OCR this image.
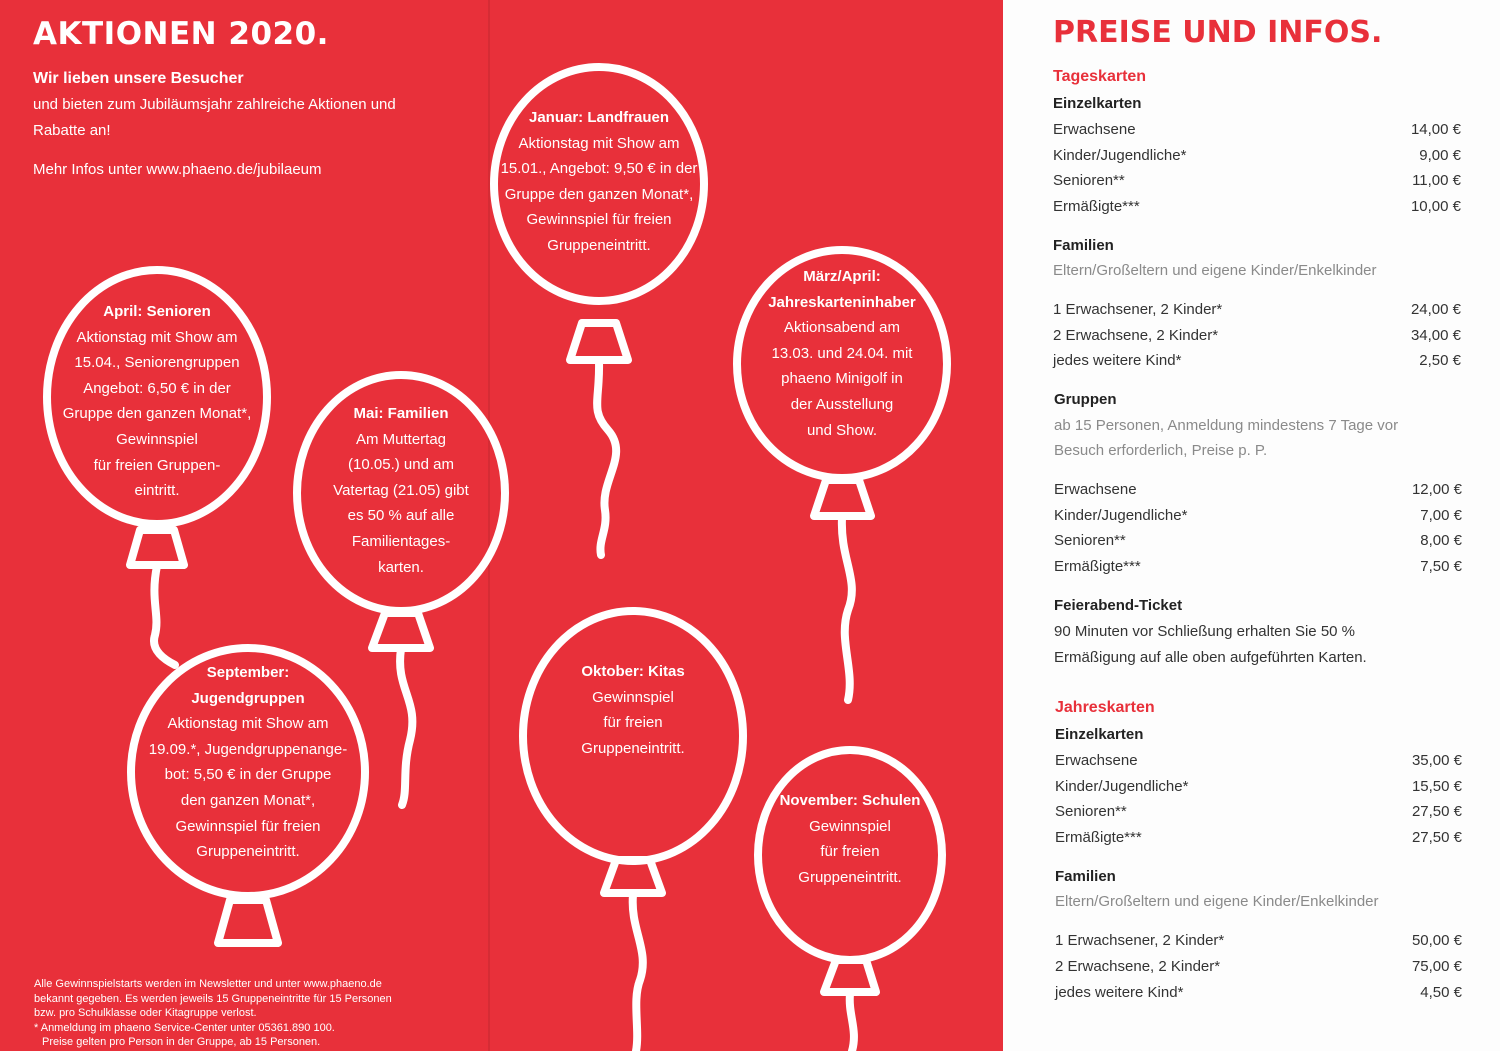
AKTIONEN 2020.
Wir lieben unsere Besucher
und bieten zum Jubiläumsjahr zahlreiche Aktionen und
Rabatte an!
Mehr Infos unter www.phaeno.de/jubilaeum
April: Senioren
Aktionstag mit Show am
15.04., Seniorengruppen
Angebot: 6,50 € in der
Gruppe den ganzen Monat*,
Gewinnspiel
für freien Gruppen-
eintritt.
Mai: Familien
Am Muttertag
(10.05.) und am
Vatertag (21.05) gibt
es 50 % auf alle
Familientages-
karten.
September:
Jugendgruppen
Aktionstag mit Show am
19.09.*, Jugendgruppenange-
bot: 5,50 € in der Gruppe
den ganzen Monat*,
Gewinnspiel für freien
Gruppeneintritt.
Januar: Landfrauen
Aktionstag mit Show am
15.01., Angebot: 9,50 € in der
Gruppe den ganzen Monat*,
Gewinnspiel für freien
Gruppeneintritt.
März/April:
Jahreskarteninhaber
Aktionsabend am
13.03. und 24.04. mit
phaeno Minigolf in
der Ausstellung
und Show.
Oktober: Kitas
Gewinnspiel
für freien
Gruppeneintritt.
November: Schulen
Gewinnspiel
für freien
Gruppeneintritt.
Alle Gewinnspielstarts werden im Newsletter und unter www.phaeno.de
bekannt gegeben. Es werden jeweils 15 Gruppeneintritte für 15 Personen
bzw. pro Schulklasse oder Kitagruppe verlost.
* Anmeldung im phaeno Service-Center unter 05361.890 100.
Preise gelten pro Person in der Gruppe, ab 15 Personen.
PREISE UND INFOS.
Tageskarten
Einzelkarten
Erwachsene	14,00 €
Kinder/Jugendliche*	9,00 €
Senioren**	11,00 €
Ermäßigte***	10,00 €
Familien
Eltern/Großeltern und eigene Kinder/Enkelkinder
1 Erwachsener, 2 Kinder*	24,00 €
2 Erwachsene, 2 Kinder*	34,00 €
jedes weitere Kind*	2,50 €
Gruppen
ab 15 Personen, Anmeldung mindestens 7 Tage vor
Besuch erforderlich, Preise p. P.
Erwachsene	12,00 €
Kinder/Jugendliche*	7,00 €
Senioren**	8,00 €
Ermäßigte***	7,50 €
Feierabend-Ticket
90 Minuten vor Schließung erhalten Sie 50 %
Ermäßigung auf alle oben aufgeführten Karten.
Jahreskarten
Einzelkarten
Erwachsene	35,00 €
Kinder/Jugendliche*	15,50 €
Senioren**	27,50 €
Ermäßigte***	27,50 €
Familien
Eltern/Großeltern und eigene Kinder/Enkelkinder
1 Erwachsener, 2 Kinder*	50,00 €
2 Erwachsene, 2 Kinder*	75,00 €
jedes weitere Kind*	4,50 €
